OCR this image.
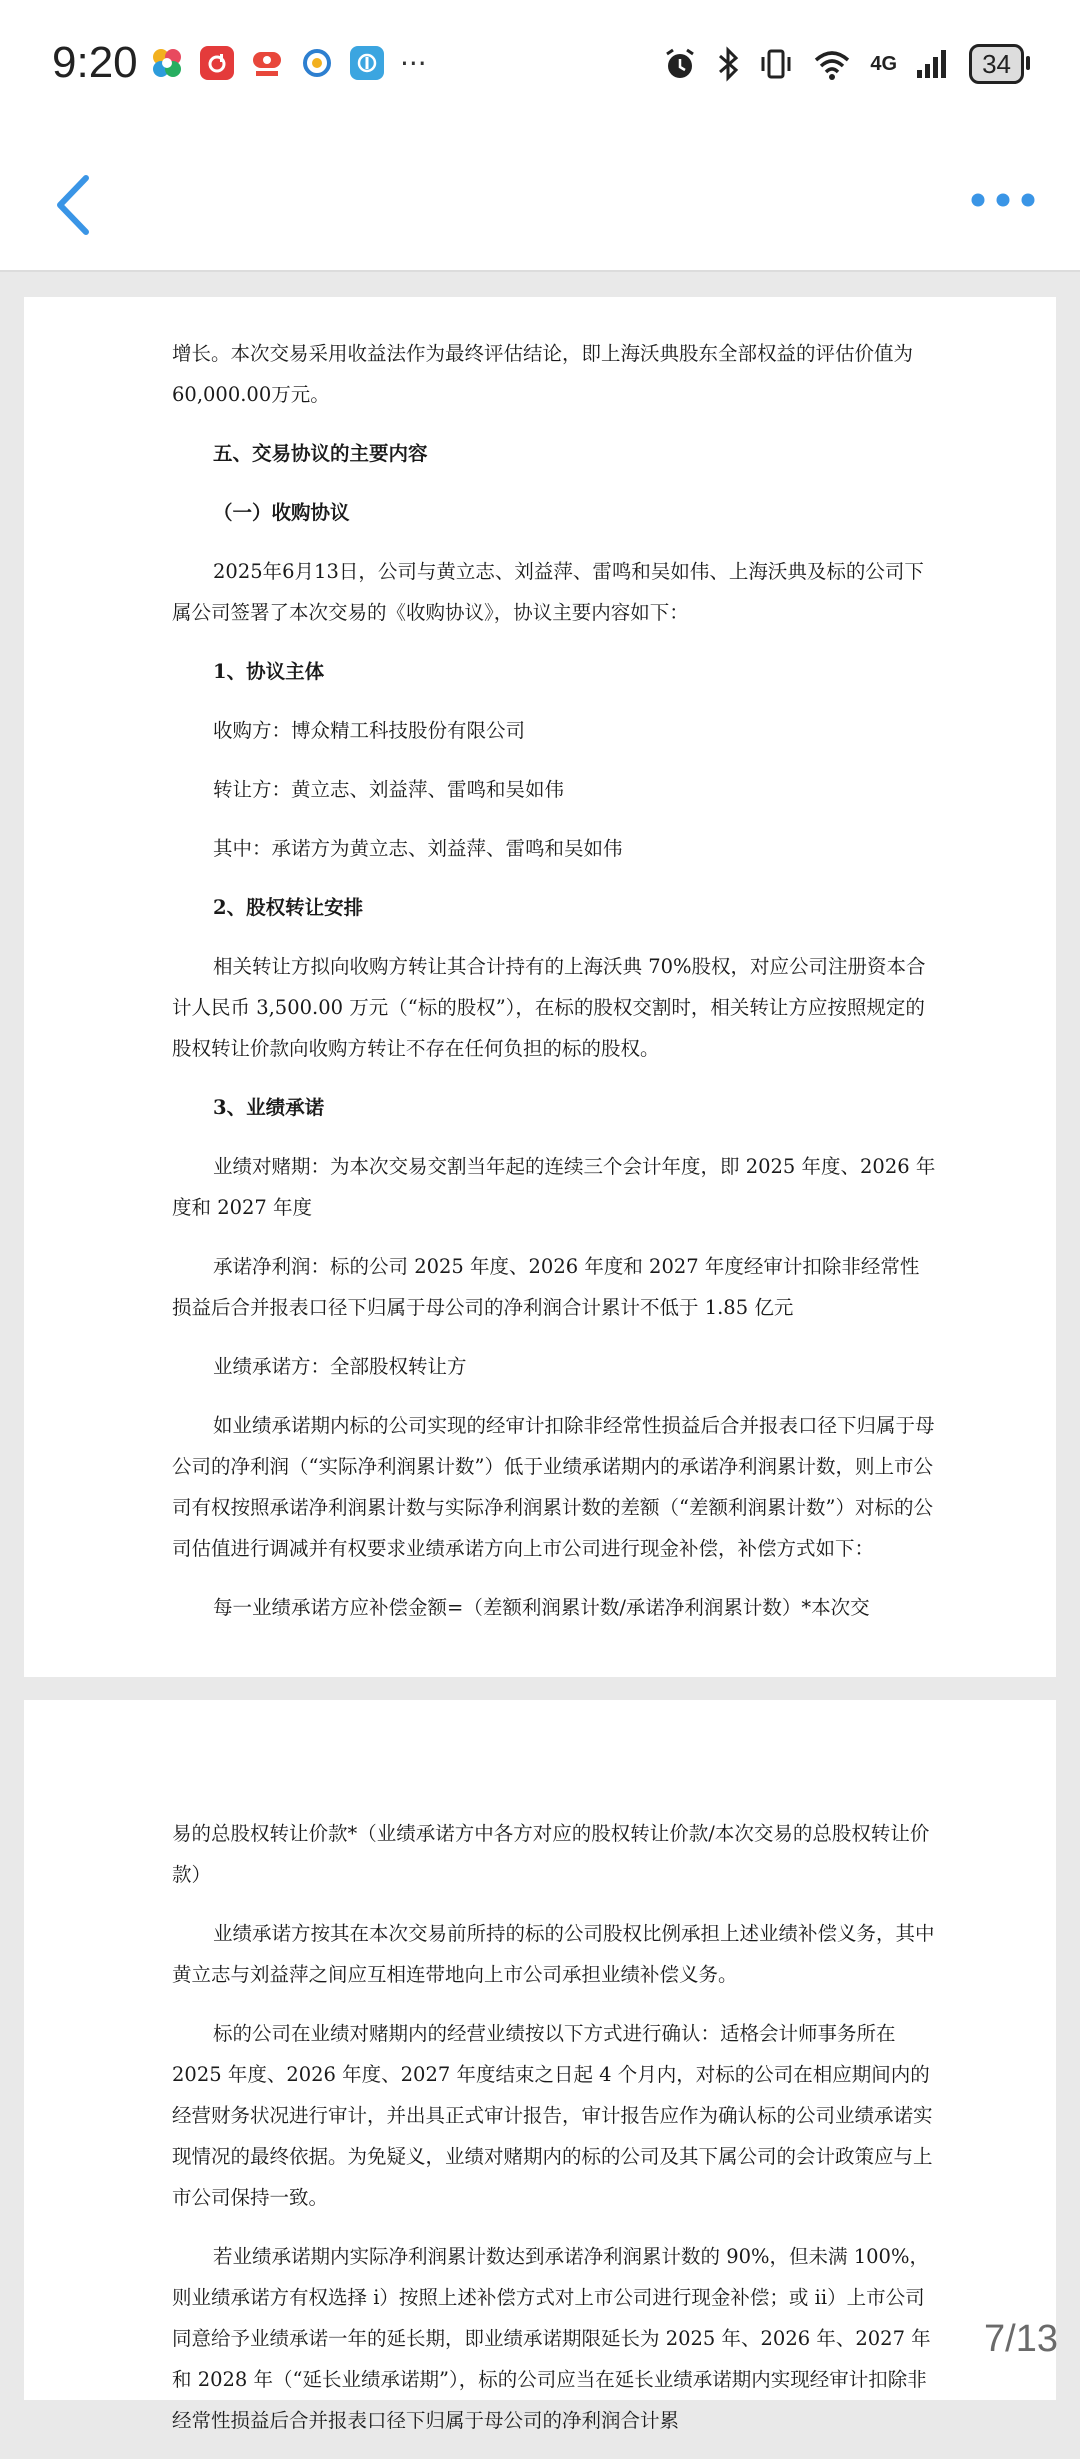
9:20	···	4G	34

增长。本次交易采用收益法作为最终评估结论，即上海沃典股东全部权益的评估价值为60,000.00万元。

五、交易协议的主要内容

（一）收购协议

2025年6月13日，公司与黄立志、刘益萍、雷鸣和吴如伟、上海沃典及标的公司下属公司签署了本次交易的《收购协议》，协议主要内容如下：

1、协议主体

收购方：博众精工科技股份有限公司

转让方：黄立志、刘益萍、雷鸣和吴如伟

其中：承诺方为黄立志、刘益萍、雷鸣和吴如伟

2、股权转让安排

相关转让方拟向收购方转让其合计持有的上海沃典 70%股权，对应公司注册资本合计人民币 3,500.00 万元（“标的股权”），在标的股权交割时，相关转让方应按照规定的股权转让价款向收购方转让不存在任何负担的标的股权。

3、业绩承诺

业绩对赌期：为本次交易交割当年起的连续三个会计年度，即 2025 年度、2026 年度和 2027 年度

承诺净利润：标的公司 2025 年度、2026 年度和 2027 年度经审计扣除非经常性损益后合并报表口径下归属于母公司的净利润合计累计不低于 1.85 亿元

业绩承诺方：全部股权转让方

如业绩承诺期内标的公司实现的经审计扣除非经常性损益后合并报表口径下归属于母公司的净利润（“实际净利润累计数”）低于业绩承诺期内的承诺净利润累计数，则上市公司有权按照承诺净利润累计数与实际净利润累计数的差额（“差额利润累计数”）对标的公司估值进行调减并有权要求业绩承诺方向上市公司进行现金补偿，补偿方式如下：

每一业绩承诺方应补偿金额=（差额利润累计数/承诺净利润累计数）*本次交

易的总股权转让价款*（业绩承诺方中各方对应的股权转让价款/本次交易的总股权转让价款）

业绩承诺方按其在本次交易前所持的标的公司股权比例承担上述业绩补偿义务，其中黄立志与刘益萍之间应互相连带地向上市公司承担业绩补偿义务。

标的公司在业绩对赌期内的经营业绩按以下方式进行确认：适格会计师事务所在 2025 年度、2026 年度、2027 年度结束之日起 4 个月内，对标的公司在相应期间内的经营财务状况进行审计，并出具正式审计报告，审计报告应作为确认标的公司业绩承诺实现情况的最终依据。为免疑义，业绩对赌期内的标的公司及其下属公司的会计政策应与上市公司保持一致。

若业绩承诺期内实际净利润累计数达到承诺净利润累计数的 90%，但未满 100%，则业绩承诺方有权选择 i）按照上述补偿方式对上市公司进行现金补偿；或 ii）上市公司同意给予业绩承诺一年的延长期，即业绩承诺期限延长为 2025 年、2026 年、2027 年和 2028 年（“延长业绩承诺期”），标的公司应当在延长业绩承诺期内实现经审计扣除非经常性损益后合并报表口径下归属于母公司的净利润合计累

7/13
